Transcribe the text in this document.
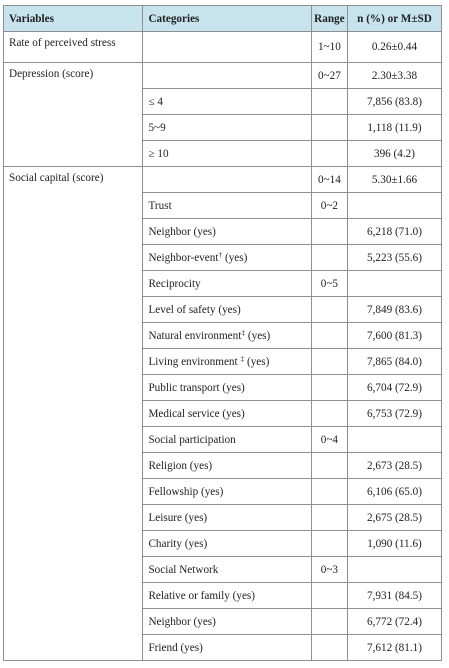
Variables	Categories	Range	n (%) or M±SD
Rate of perceived stress		1~10	0.26±0.44
Depression (score)		0~27	2.30±3.38
	≤ 4		7,856 (83.8)
	5~9		1,118 (11.9)
	≥ 10		396 (4.2)
Social capital (score)		0~14	5.30±1.66
	Trust	0~2	
	Neighbor (yes)		6,218 (71.0)
	Neighbor-event† (yes)		5,223 (55.6)
	Reciprocity	0~5	
	Level of safety (yes)		7,849 (83.6)
	Natural environment‡ (yes)		7,600 (81.3)
	Living environment ‡ (yes)		7,865 (84.0)
	Public transport (yes)		6,704 (72.9)
	Medical service (yes)		6,753 (72.9)
	Social participation	0~4	
	Religion (yes)		2,673 (28.5)
	Fellowship (yes)		6,106 (65.0)
	Leisure (yes)		2,675 (28.5)
	Charity (yes)		1,090 (11.6)
	Social Network	0~3	
	Relative or family (yes)		7,931 (84.5)
	Neighbor (yes)		6,772 (72.4)
	Friend (yes)		7,612 (81.1)
